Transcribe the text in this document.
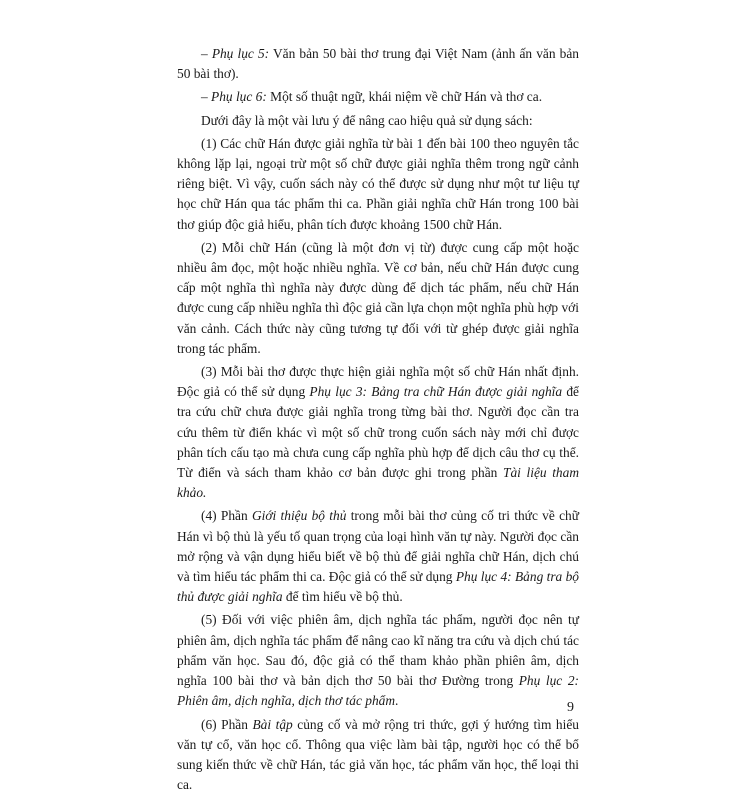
– Phụ lục 5: Văn bản 50 bài thơ trung đại Việt Nam (ảnh ấn văn bản 50 bài thơ).

– Phụ lục 6: Một số thuật ngữ, khái niệm về chữ Hán và thơ ca.

Dưới đây là một vài lưu ý để nâng cao hiệu quả sử dụng sách:

(1) Các chữ Hán được giải nghĩa từ bài 1 đến bài 100 theo nguyên tắc không lặp lại, ngoại trừ một số chữ được giải nghĩa thêm trong ngữ cảnh riêng biệt. Vì vậy, cuốn sách này có thể được sử dụng như một tư liệu tự học chữ Hán qua tác phẩm thi ca. Phần giải nghĩa chữ Hán trong 100 bài thơ giúp độc giả hiểu, phân tích được khoảng 1500 chữ Hán.

(2) Mỗi chữ Hán (cũng là một đơn vị từ) được cung cấp một hoặc nhiều âm đọc, một hoặc nhiều nghĩa. Về cơ bản, nếu chữ Hán được cung cấp một nghĩa thì nghĩa này được dùng để dịch tác phẩm, nếu chữ Hán được cung cấp nhiều nghĩa thì độc giả cần lựa chọn một nghĩa phù hợp với văn cảnh. Cách thức này cũng tương tự đối với từ ghép được giải nghĩa trong tác phẩm.

(3) Mỗi bài thơ được thực hiện giải nghĩa một số chữ Hán nhất định. Độc giả có thể sử dụng Phụ lục 3: Bảng tra chữ Hán được giải nghĩa để tra cứu chữ chưa được giải nghĩa trong từng bài thơ. Người đọc cần tra cứu thêm từ điển khác vì một số chữ trong cuốn sách này mới chỉ được phân tích cấu tạo mà chưa cung cấp nghĩa phù hợp để dịch câu thơ cụ thể. Từ điển và sách tham khảo cơ bản được ghi trong phần Tài liệu tham khảo.

(4) Phần Giới thiệu bộ thủ trong mỗi bài thơ củng cố tri thức về chữ Hán vì bộ thủ là yếu tố quan trọng của loại hình văn tự này. Người đọc cần mở rộng và vận dụng hiểu biết về bộ thủ để giải nghĩa chữ Hán, dịch chú và tìm hiểu tác phẩm thi ca. Độc giả có thể sử dụng Phụ lục 4: Bảng tra bộ thủ được giải nghĩa để tìm hiểu về bộ thủ.

(5) Đối với việc phiên âm, dịch nghĩa tác phẩm, người đọc nên tự phiên âm, dịch nghĩa tác phẩm để nâng cao kĩ năng tra cứu và dịch chú tác phẩm văn học. Sau đó, độc giả có thể tham khảo phần phiên âm, dịch nghĩa 100 bài thơ và bản dịch thơ 50 bài thơ Đường trong Phụ lục 2: Phiên âm, dịch nghĩa, dịch thơ tác phẩm.

(6) Phần Bài tập củng cố và mở rộng tri thức, gợi ý hướng tìm hiểu văn tự cổ, văn học cổ. Thông qua việc làm bài tập, người học có thể bổ sung kiến thức về chữ Hán, tác giả văn học, tác phẩm văn học, thể loại thi ca.

9
